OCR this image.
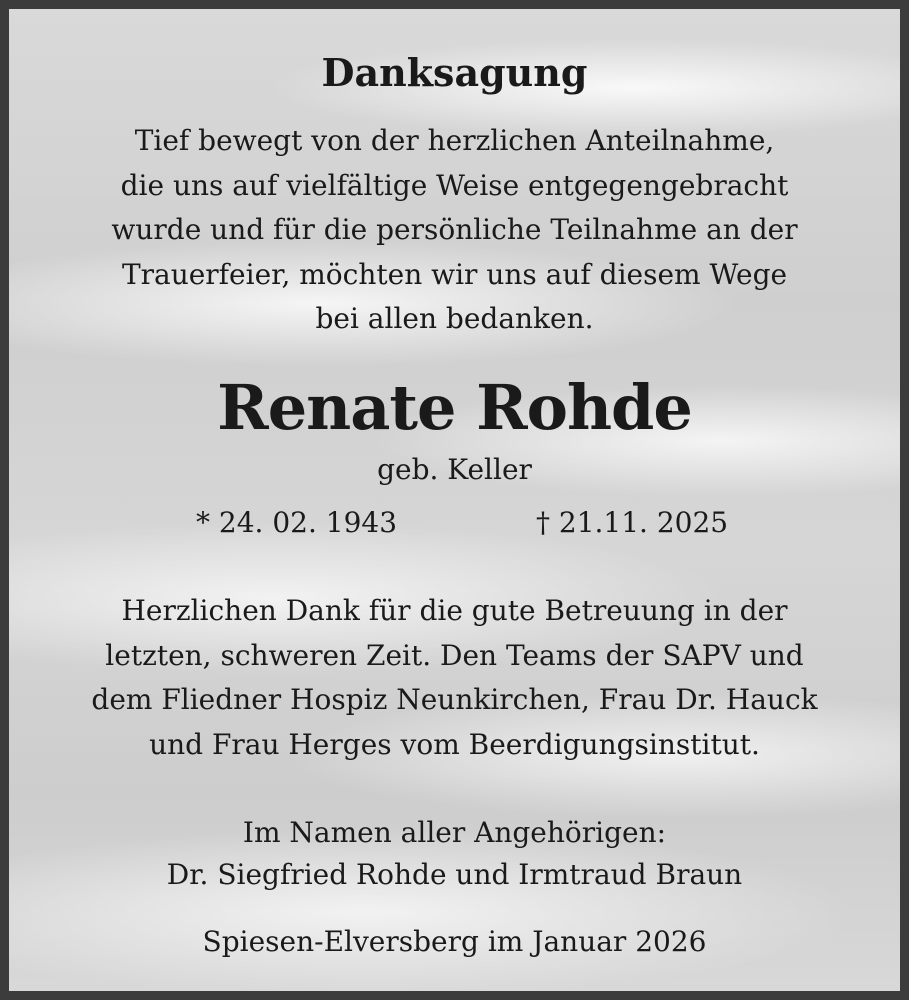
Danksagung
Tief bewegt von der herzlichen Anteilnahme,
die uns auf vielfältige Weise entgegengebracht
wurde und für die persönliche Teilnahme an der
Trauerfeier, möchten wir uns auf diesem Wege
bei allen bedanken.
Renate Rohde
geb. Keller
* 24. 02. 1943	† 21.11. 2025
Herzlichen Dank für die gute Betreuung in der
letzten, schweren Zeit. Den Teams der SAPV und
dem Fliedner Hospiz Neunkirchen, Frau Dr. Hauck
und Frau Herges vom Beerdigungsinstitut.
Im Namen aller Angehörigen:
Dr. Siegfried Rohde und Irmtraud Braun
Spiesen-Elversberg im Januar 2026
